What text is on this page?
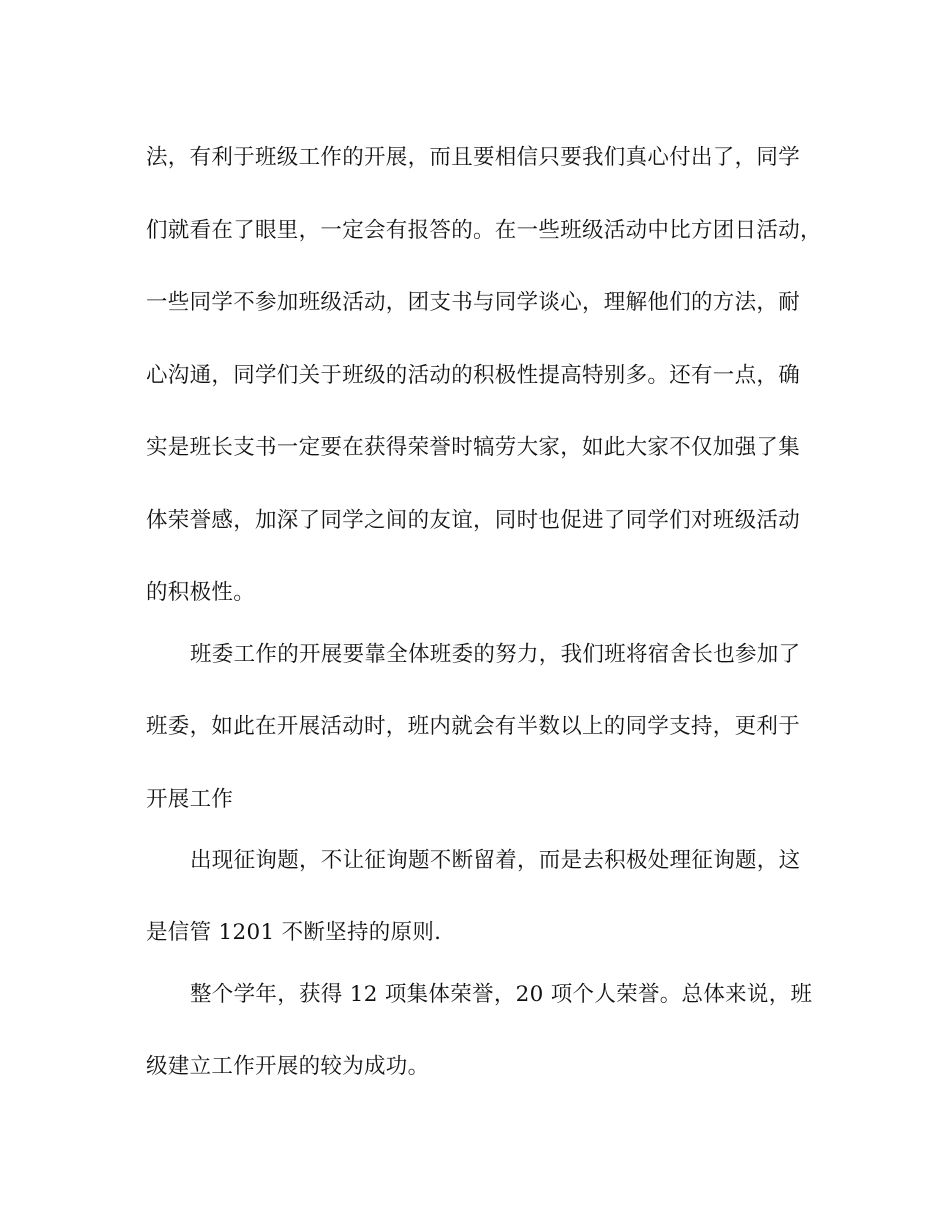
法，有利于班级工作的开展，而且要相信只要我们真心付出了，同学
们就看在了眼里，一定会有报答的。在一些班级活动中比方团日活动，
一些同学不参加班级活动，团支书与同学谈心，理解他们的方法，耐
心沟通，同学们关于班级的活动的积极性提高特别多。还有一点，确
实是班长支书一定要在获得荣誉时犒劳大家，如此大家不仅加强了集
体荣誉感，加深了同学之间的友谊，同时也促进了同学们对班级活动
的积极性。
班委工作的开展要靠全体班委的努力，我们班将宿舍长也参加了
班委，如此在开展活动时，班内就会有半数以上的同学支持，更利于
开展工作
出现征询题，不让征询题不断留着，而是去积极处理征询题，这
是信管 1201 不断坚持的原则.
整个学年，获得 12 项集体荣誉，20 项个人荣誉。总体来说，班
级建立工作开展的较为成功。
